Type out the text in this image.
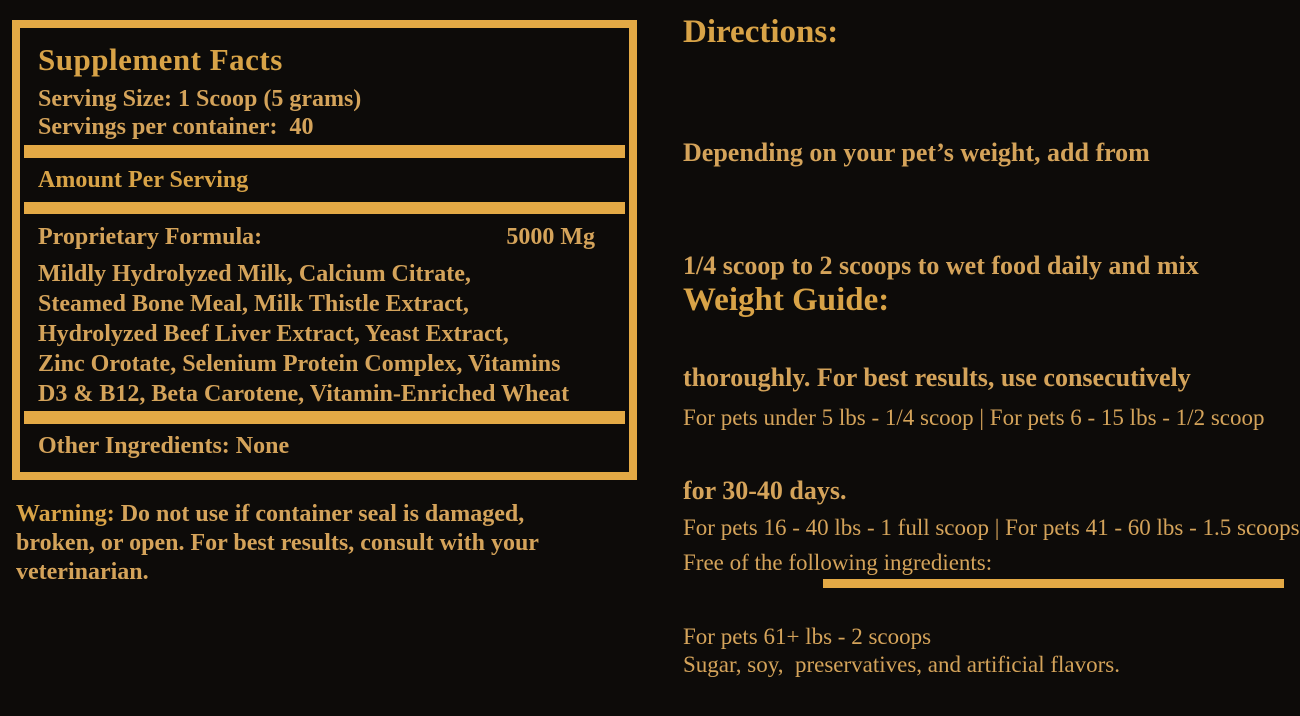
Supplement Facts
Serving Size: 1 Scoop (5 grams)
Servings per container:  40
Amount Per Serving
Proprietary Formula:	5000 Mg
Mildly Hydrolyzed Milk, Calcium Citrate,
Steamed Bone Meal, Milk Thistle Extract,
Hydrolyzed Beef Liver Extract, Yeast Extract,
Zinc Orotate, Selenium Protein Complex, Vitamins
D3 & B12, Beta Carotene, Vitamin-Enriched Wheat
Other Ingredients: None
Warning: Do not use if container seal is damaged,
broken, or open. For best results, consult with your
veterinarian.
Directions:

Depending on your pet’s weight, add from

1/4 scoop to 2 scoops to wet food daily and mix

thoroughly. For best results, use consecutively

for 30-40 days.

Weight Guide:

For pets under 5 lbs - 1/4 scoop | For pets 6 - 15 lbs - 1/2 scoop

For pets 16 - 40 lbs - 1 full scoop | For pets 41 - 60 lbs - 1.5 scoops

For pets 61+ lbs - 2 scoops

Free of the following ingredients:

Sugar, soy,  preservatives, and artificial flavors.
